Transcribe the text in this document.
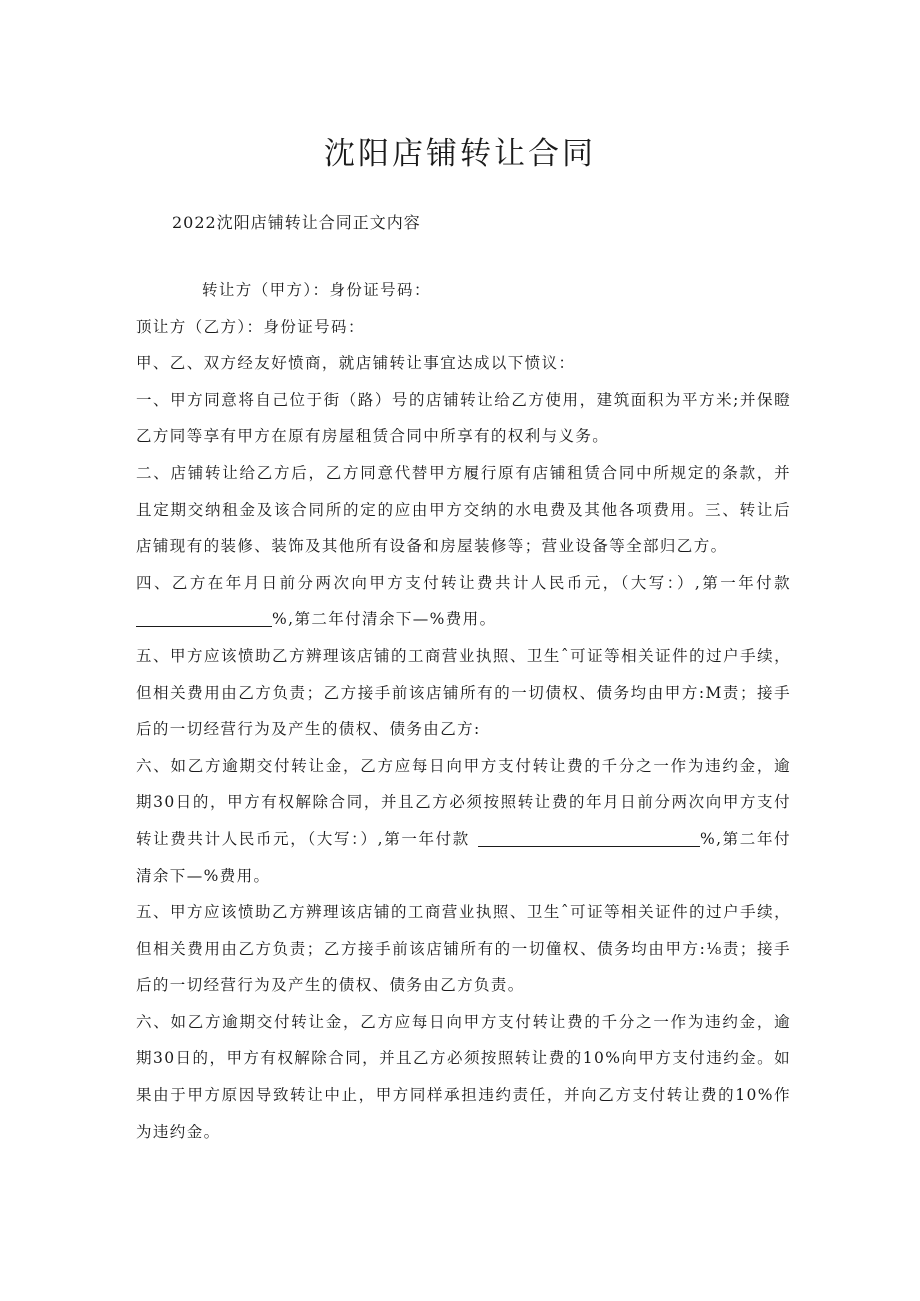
沈阳店铺转让合同

2022沈阳店铺转让合同正文内容

转让方（甲方）：身份证号码：

顶让方（乙方）：身份证号码：

甲、乙、双方经友好愤商，就店铺转让事宜达成以下愤议：

一、甲方同意将自己位于街（路）号的店铺转让给乙方使用，建筑面积为平方米;并保瞪乙方同等享有甲方在原有房屋租赁合同中所享有的权利与义务。

二、店铺转让给乙方后，乙方同意代替甲方履行原有店铺租赁合同中所规定的条款，并且定期交纳租金及该合同所的定的应由甲方交纳的水电费及其他各项费用。三、转让后店铺现有的装修、装饰及其他所有设备和房屋装修等；营业设备等全部归乙方。

四、乙方在年月日前分两次向甲方支付转让费共计人民币元，（大写：）,第一年付款%,第二年付清余下—%费用。

五、甲方应该愤助乙方辨理该店铺的工商营业执照、卫生ˆ可证等相关证件的过户手续，但相关费用由乙方负责；乙方接手前该店铺所有的一切债权、债务均由甲方:M责；接手后的一切经营行为及产生的债权、债务由乙方:

六、如乙方逾期交付转让金，乙方应每日向甲方支付转让费的千分之一作为违约金，逾期30日的，甲方有权解除合同，并且乙方必须按照转让费的年月日前分两次向甲方支付转让费共计人民币元，（大写：）,第一年付款	%,第二年付清余下—%费用。

五、甲方应该愤助乙方辨理该店铺的工商营业执照、卫生ˆ可证等相关证件的过户手续，但相关费用由乙方负责；乙方接手前该店铺所有的一切僮权、债务均由甲方:⅛责；接手后的一切经营行为及产生的债权、债务由乙方负责。

六、如乙方逾期交付转让金，乙方应每日向甲方支付转让费的千分之一作为违约金，逾期30日的，甲方有权解除合同，并且乙方必须按照转让费的10%向甲方支付违约金。如果由于甲方原因导致转让中止，甲方同样承担违约责任，并向乙方支付转让费的10%作为违约金。
